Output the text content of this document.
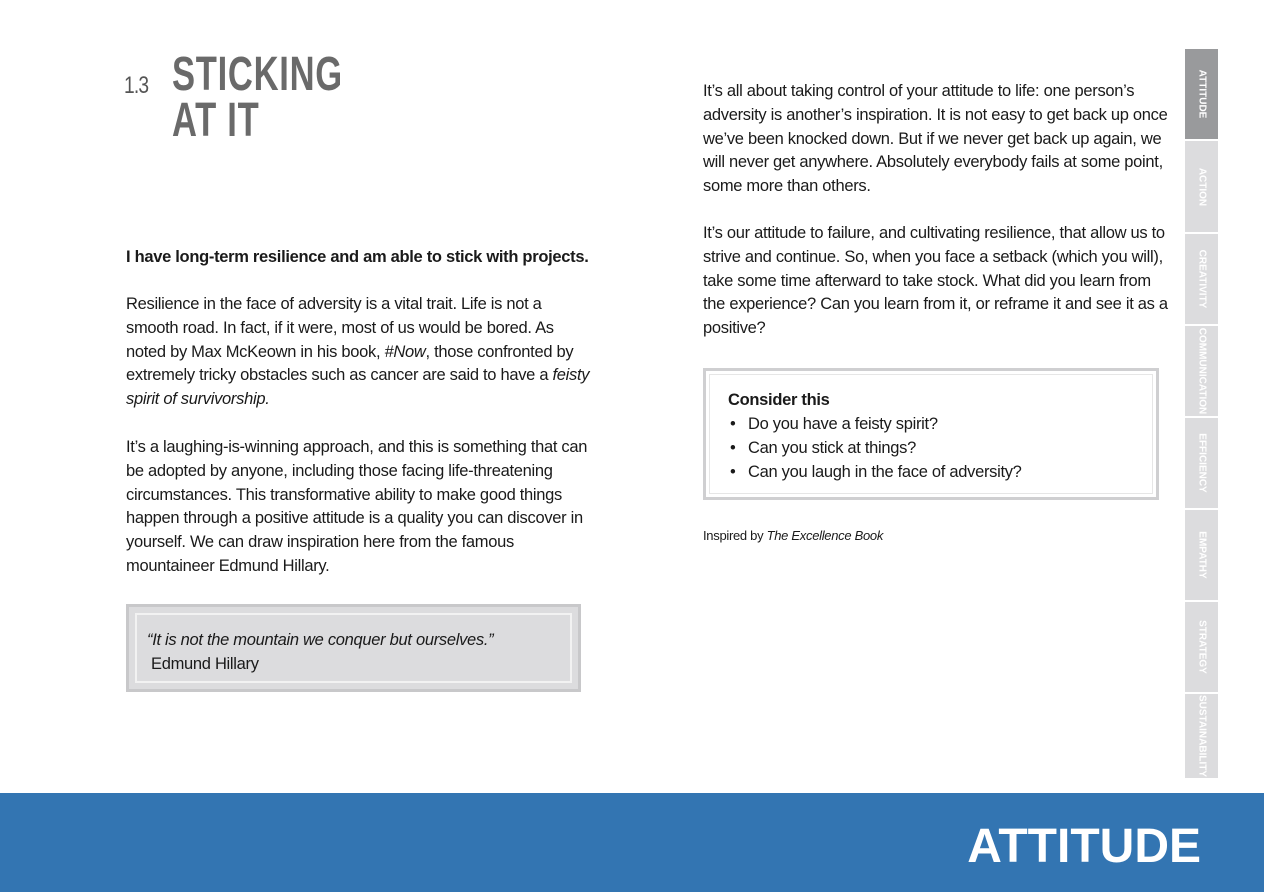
1.3 STICKING
AT IT
I have long-term resilience and am able to stick with projects.
Resilience in the face of adversity is a vital trait. Life is not a smooth road. In fact, if it were, most of us would be bored. As noted by Max McKeown in his book, #Now, those confronted by extremely tricky obstacles such as cancer are said to have a feisty spirit of survivorship.
It’s a laughing-is-winning approach, and this is something that can be adopted by anyone, including those facing life-threatening circumstances. This transformative ability to make good things happen through a positive attitude is a quality you can discover in yourself. We can draw inspiration here from the famous mountaineer Edmund Hillary.
“It is not the mountain we conquer but ourselves.”
Edmund Hillary
It’s all about taking control of your attitude to life: one person’s adversity is another’s inspiration. It is not easy to get back up once we’ve been knocked down. But if we never get back up again, we will never get anywhere. Absolutely everybody fails at some point, some more than others.
It’s our attitude to failure, and cultivating resilience, that allow us to strive and continue. So, when you face a setback (which you will), take some time afterward to take stock. What did you learn from the experience? Can you learn from it, or reframe it and see it as a positive?
Consider this
• Do you have a feisty spirit?
• Can you stick at things?
• Can you laugh in the face of adversity?
Inspired by The Excellence Book
ATTITUDE
ACTION
CREATIVITY
COMMUNICATION
EFFICIENCY
EMPATHY
STRATEGY
SUSTAINABILITY
ATTITUDE
